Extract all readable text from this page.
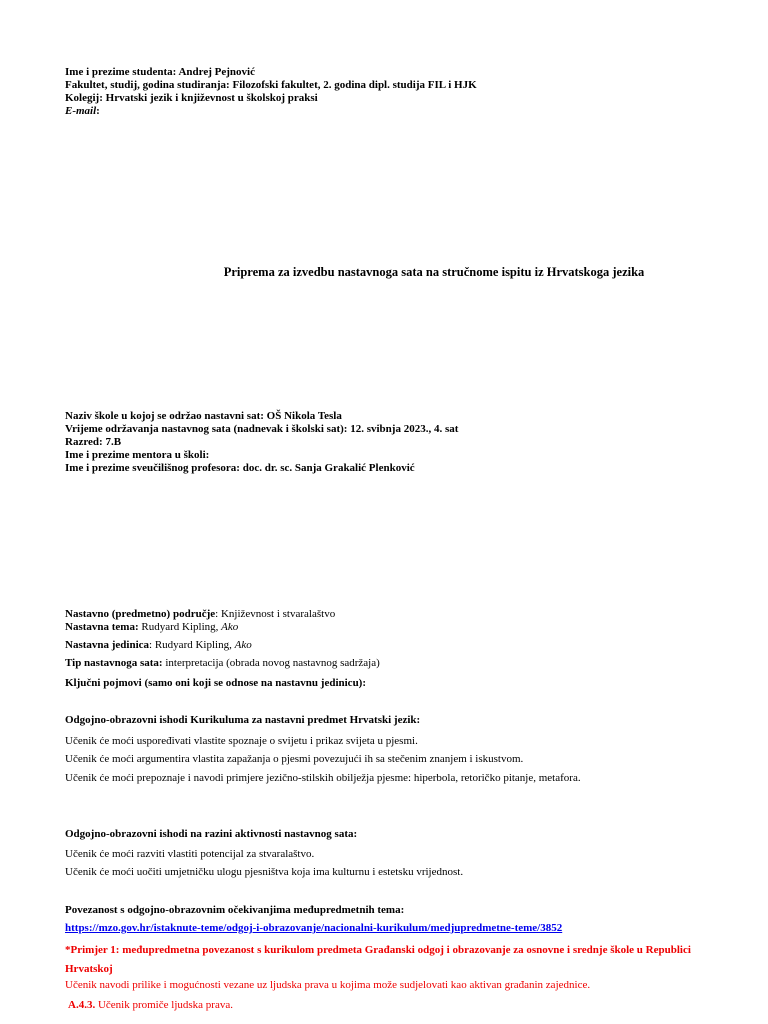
Ime i prezime studenta: Andrej Pejnović
Fakultet, studij, godina studiranja: Filozofski fakultet, 2. godina dipl. studija FIL i HJK
Kolegij: Hrvatski jezik i književnost u školskoj praksi
E-mail:
Priprema za izvedbu nastavnoga sata na stručnome ispitu iz Hrvatskoga jezika
Naziv škole u kojoj se održao nastavni sat: OŠ Nikola Tesla
Vrijeme održavanja nastavnog sata (nadnevak i školski sat): 12. svibnja 2023., 4. sat
Razred: 7.B
Ime i prezime mentora u školi:
Ime i prezime sveučilišnog profesora: doc. dr. sc. Sanja Grakalić Plenković
Nastavno (predmetno) područje: Književnost i stvaralaštvo
Nastavna tema: Rudyard Kipling, Ako
Nastavna jedinica: Rudyard Kipling, Ako
Tip nastavnoga sata: interpretacija (obrada novog nastavnog sadržaja)
Ključni pojmovi (samo oni koji se odnose na nastavnu jedinicu):
Odgojno-obrazovni ishodi Kurikuluma za nastavni predmet Hrvatski jezik:
Učenik će moći uspoređivati vlastite spoznaje o svijetu i prikaz svijeta u pjesmi.
Učenik će moći argumentira vlastita zapažanja o pjesmi povezujući ih sa stečenim znanjem i iskustvom.
Učenik će moći prepoznaje i navodi primjere jezično-stilskih obilježja pjesme: hiperbola, retoričko pitanje, metafora.
Odgojno-obrazovni ishodi na razini aktivnosti nastavnog sata:
Učenik će moći razviti vlastiti potencijal za stvaralaštvo.
Učenik će moći uočiti umjetničku ulogu pjesništva koja ima kulturnu i estetsku vrijednost.
Povezanost s odgojno-obrazovnim očekivanjima međupredmetnih tema:
https://mzo.gov.hr/istaknute-teme/odgoj-i-obrazovanje/nacionalni-kurikulum/medjupredmetne-teme/3852
*Primjer 1: međupredmetna povezanost s kurikulom predmeta Građanski odgoj i obrazovanje za osnovne i srednje škole u Republici
Hrvatskoj
Učenik navodi prilike i mogućnosti vezane uz ljudska prava u kojima može sudjelovati kao aktivan građanin zajednice.
A.4.3. Učenik promiče ljudska prava.
